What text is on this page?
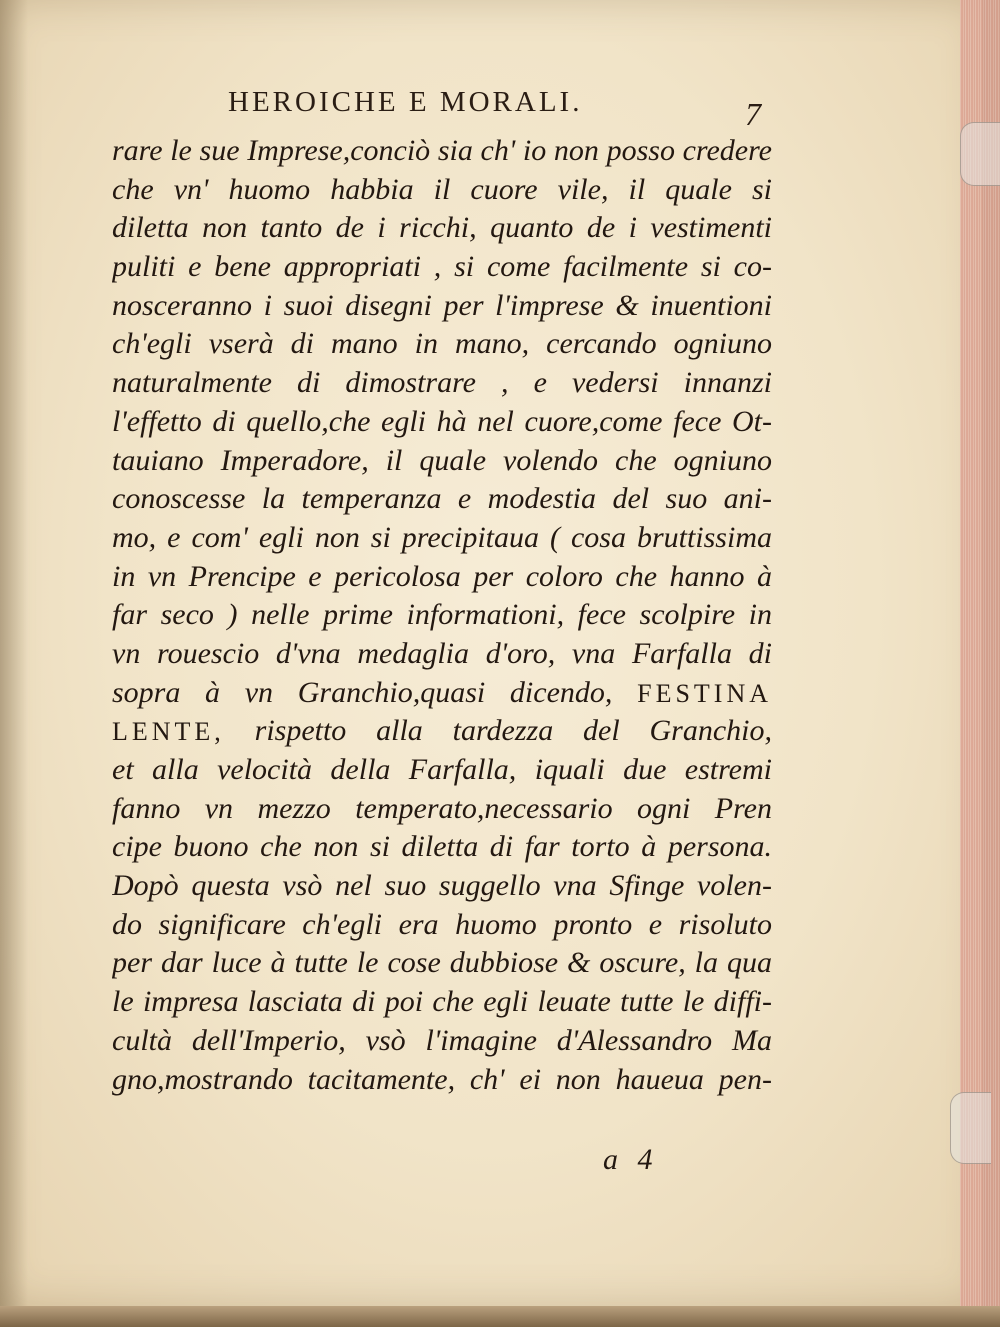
HEROICHE E MORALI.	7
rare le sue Imprese,conciò sia ch' io non posso credere
che vn' huomo habbia il cuore vile, il quale si
diletta non tanto de i ricchi, quanto de i vestimenti
puliti e bene appropriati , si come facilmente si co-
nosceranno i suoi disegni per l'imprese & inuentioni
ch'egli vserà di mano in mano, cercando ogniuno
naturalmente di dimostrare , e vedersi innanzi
l'effetto di quello,che egli hà nel cuore,come fece Ot-
tauiano Imperadore, il quale volendo che ogniuno
conoscesse la temperanza e modestia del suo ani-
mo, e com' egli non si precipitaua ( cosa bruttissima
in vn Prencipe e pericolosa per coloro che hanno à
far seco ) nelle prime informationi, fece scolpire in
vn rouescio d'vna medaglia d'oro, vna Farfalla di
sopra à vn Granchio,quasi dicendo, FESTINA
LENTE, rispetto alla tardezza del Granchio,
et alla velocità della Farfalla, iquali due estremi
fanno vn mezzo temperato,necessario ogni Pren
cipe buono che non si diletta di far torto à persona.
Dopò questa vsò nel suo suggello vna Sfinge volen-
do significare ch'egli era huomo pronto e risoluto
per dar luce à tutte le cose dubbiose & oscure, la qua
le impresa lasciata di poi che egli leuate tutte le diffi-
cultà dell'Imperio, vsò l'imagine d'Alessandro Ma
gno,mostrando tacitamente, ch' ei non haueua pen-
a 4
